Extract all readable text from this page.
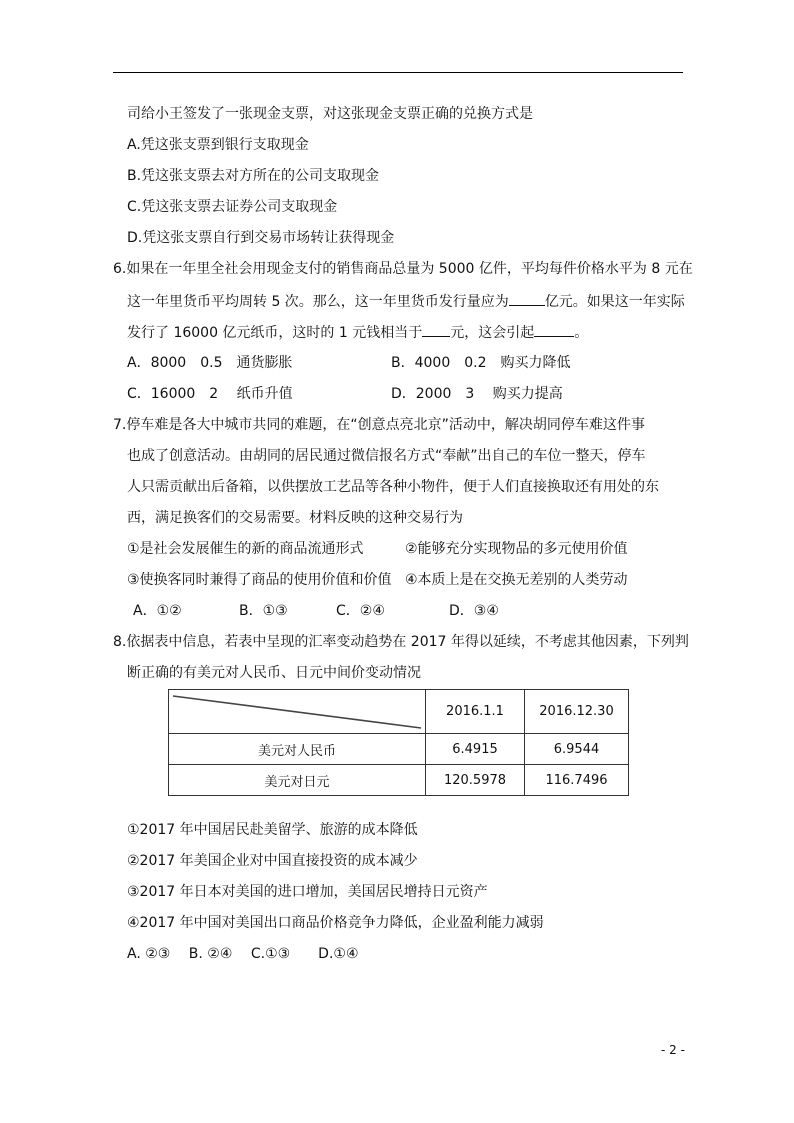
司给小王签发了一张现金支票，对这张现金支票正确的兑换方式是
A.凭这张支票到银行支取现金
B.凭这张支票去对方所在的公司支取现金
C.凭这张支票去证券公司支取现金
D.凭这张支票自行到交易市场转让获得现金
6.如果在一年里全社会用现金支付的销售商品总量为 5000 亿件，平均每件价格水平为 8 元在
这一年里货币平均周转 5 次。那么，这一年里货币发行量应为	亿元。如果这一年实际
发行了 16000 亿元纸币，这时的 1 元钱相当于 元，这会引起	。
A．8000　0.5　通货膨胀	B．4000　0.2　购买力降低
C．16000　2　 纸币升值	D．2000　3　 购买力提高
7.停车难是各大中城市共同的难题，在“创意点亮北京”活动中，解决胡同停车难这件事
也成了创意活动。由胡同的居民通过微信报名方式“奉献”出自己的车位一整天，停车
人只需贡献出后备箱，以供摆放工艺品等各种小物件，便于人们直接换取还有用处的东
西，满足换客们的交易需要。材料反映的这种交易行为
①是社会发展催生的新的商品流通形式	②能够充分实现物品的多元使用价值
③使换客同时兼得了商品的使用价值和价值 ④本质上是在交换无差别的人类劳动
A．①②	B．①③	C．②④	D．③④
8.依据表中信息，若表中呈现的汇率变动趋势在 2017 年得以延续，不考虑其他因素，下列判
断正确的有美元对人民币、日元中间价变动情况
	2016.1.1	2016.12.30
美元对人民币	6.4915	6.9544
美元对日元	120.5978	116.7496
①2017 年中国居民赴美留学、旅游的成本降低
②2017 年美国企业对中国直接投资的成本减少
③2017 年日本对美国的进口增加，美国居民增持日元资产
④2017 年中国对美国出口商品价格竞争力降低，企业盈利能力减弱
A. ②③　 B. ②④　 C.①③　　D.①④
- 2 -
